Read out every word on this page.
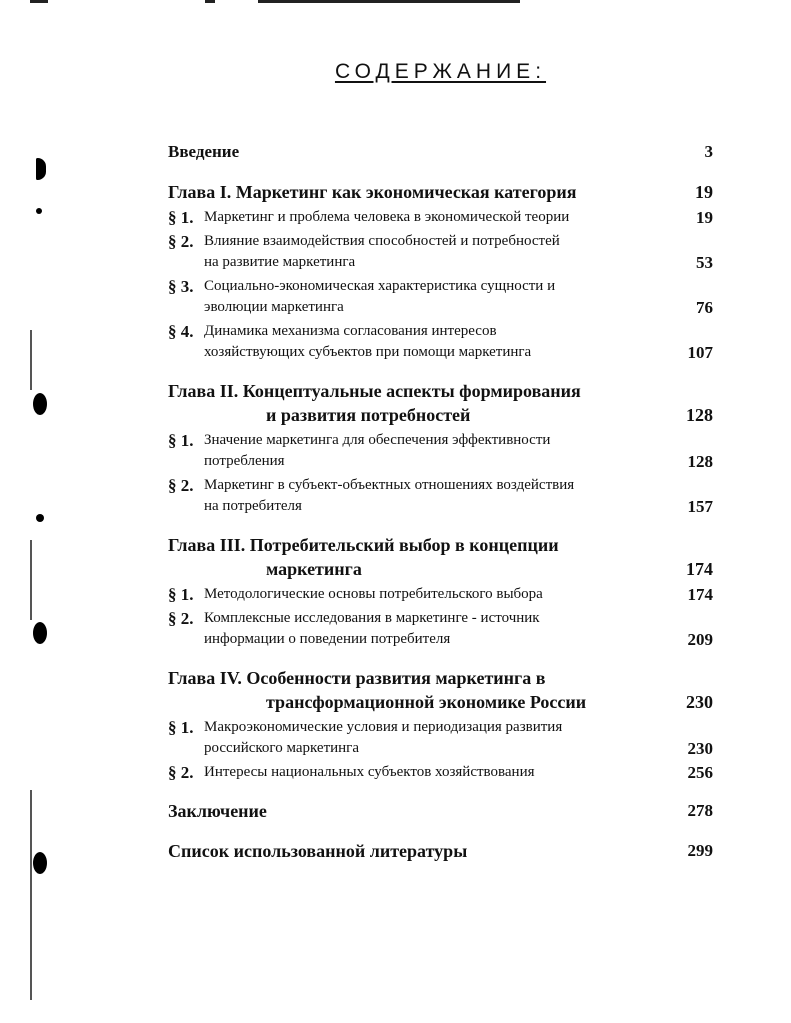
СОДЕРЖАНИЕ:
Введение	3
Глава I. Маркетинг как экономическая категория	19
§ 1. Маркетинг и проблема человека в экономической теории	19
§ 2. Влияние взаимодействия способностей и потребностей
на развитие маркетинга	53
§ 3. Социально-экономическая характеристика сущности и
эволюции маркетинга	76
§ 4. Динамика механизма согласования интересов
хозяйствующих субъектов при помощи маркетинга	107
Глава II. Концептуальные аспекты формирования
и развития потребностей	128
§ 1. Значение маркетинга для обеспечения эффективности
потребления	128
§ 2. Маркетинг в субъект-объектных отношениях воздействия
на потребителя	157
Глава III. Потребительский выбор в концепции
маркетинга	174
§ 1. Методологические основы потребительского выбора	174
§ 2. Комплексные исследования в маркетинге - источник
информации о поведении потребителя	209
Глава IV. Особенности развития маркетинга в
трансформационной экономике России	230
§ 1. Макроэкономические условия и периодизация развития
российского маркетинга	230
§ 2. Интересы национальных субъектов хозяйствования	256
Заключение	278
Список использованной литературы	299
